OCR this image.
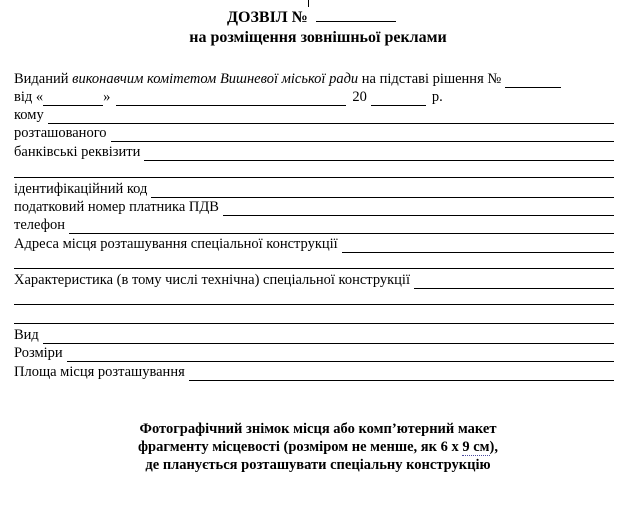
ДОЗВІЛ №
на розміщення зовнішньої реклами
Виданий
виконавчим комітетом Вишневої міської ради
на підставі рішення №
від «	»	20	р.
кому
розташованого
банківські реквізити
ідентифікаційний код
податковий номер платника ПДВ
телефон
Адреса місця розташування спеціальної конструкції
Характеристика (в тому числі технічна) спеціальної конструкції
Вид
Розміри
Площа місця розташування
Фотографічний знімок місця або комп’ютерний макет
фрагменту місцевості (розміром не менше, як 6 х 9 см),
де планується розташувати спеціальну конструкцію
